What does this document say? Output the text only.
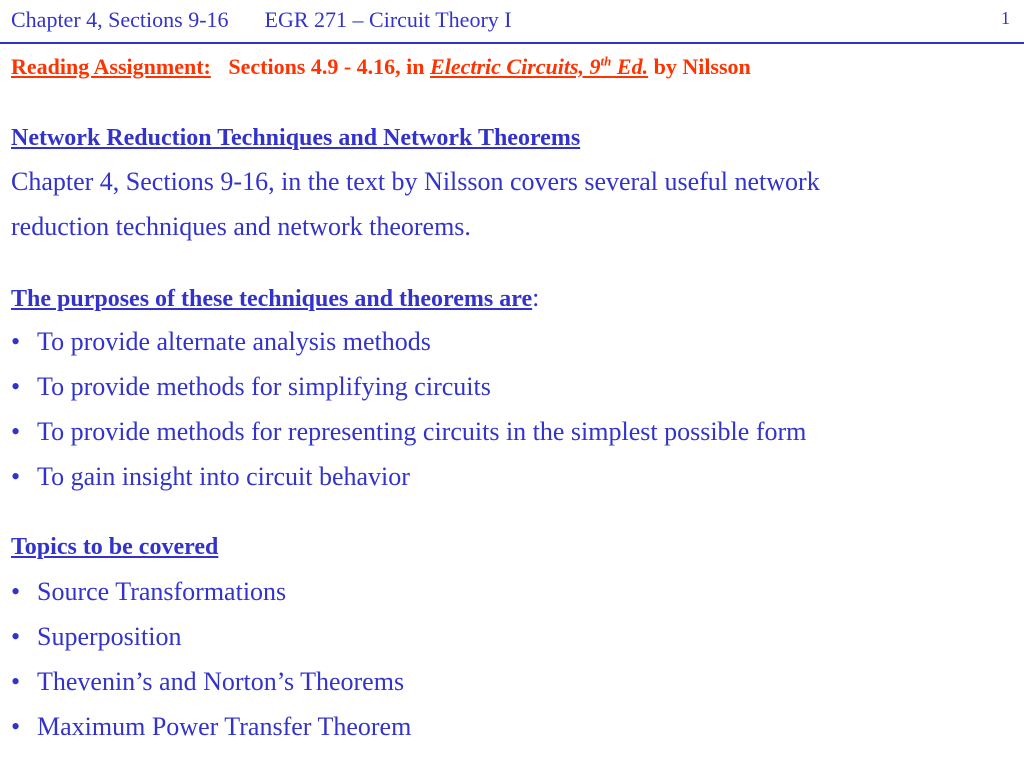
Chapter 4, Sections 9-16 EGR 271 – Circuit Theory I	1
Reading Assignment: Sections 4.9 - 4.16, in Electric Circuits, 9th Ed. by Nilsson
Network Reduction Techniques and Network Theorems
Chapter 4, Sections 9-16, in the text by Nilsson covers several useful network
reduction techniques and network theorems.
The purposes of these techniques and theorems are:
• To provide alternate analysis methods
• To provide methods for simplifying circuits
• To provide methods for representing circuits in the simplest possible form
• To gain insight into circuit behavior
Topics to be covered
• Source Transformations
• Superposition
• Thevenin’s and Norton’s Theorems
• Maximum Power Transfer Theorem
